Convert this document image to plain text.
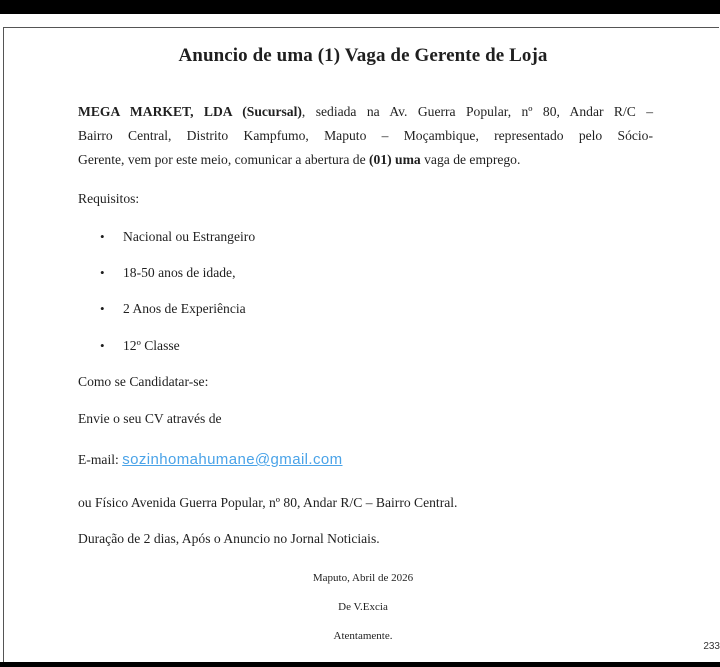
Anuncio de uma (1) Vaga de Gerente de Loja
MEGA MARKET, LDA (Sucursal), sediada na Av. Guerra Popular, nº 80, Andar R/C –
Bairro Central, Distrito Kampfumo, Maputo – Moçambique, representado pelo Sócio-
Gerente, vem por este meio, comunicar a abertura de (01) uma vaga de emprego.
Requisitos:
• Nacional ou Estrangeiro
• 18-50 anos de idade,
• 2 Anos de Experiência
• 12º Classe
Como se Candidatar-se:
Envie o seu CV através de
E-mail: sozinhomahumane@gmail.com
ou Físico Avenida Guerra Popular, nº 80, Andar R/C – Bairro Central.
Duração de 2 dias, Após o Anuncio no Jornal Noticiais.
Maputo, Abril de 2026
De V.Excia
Atentamente.
233
